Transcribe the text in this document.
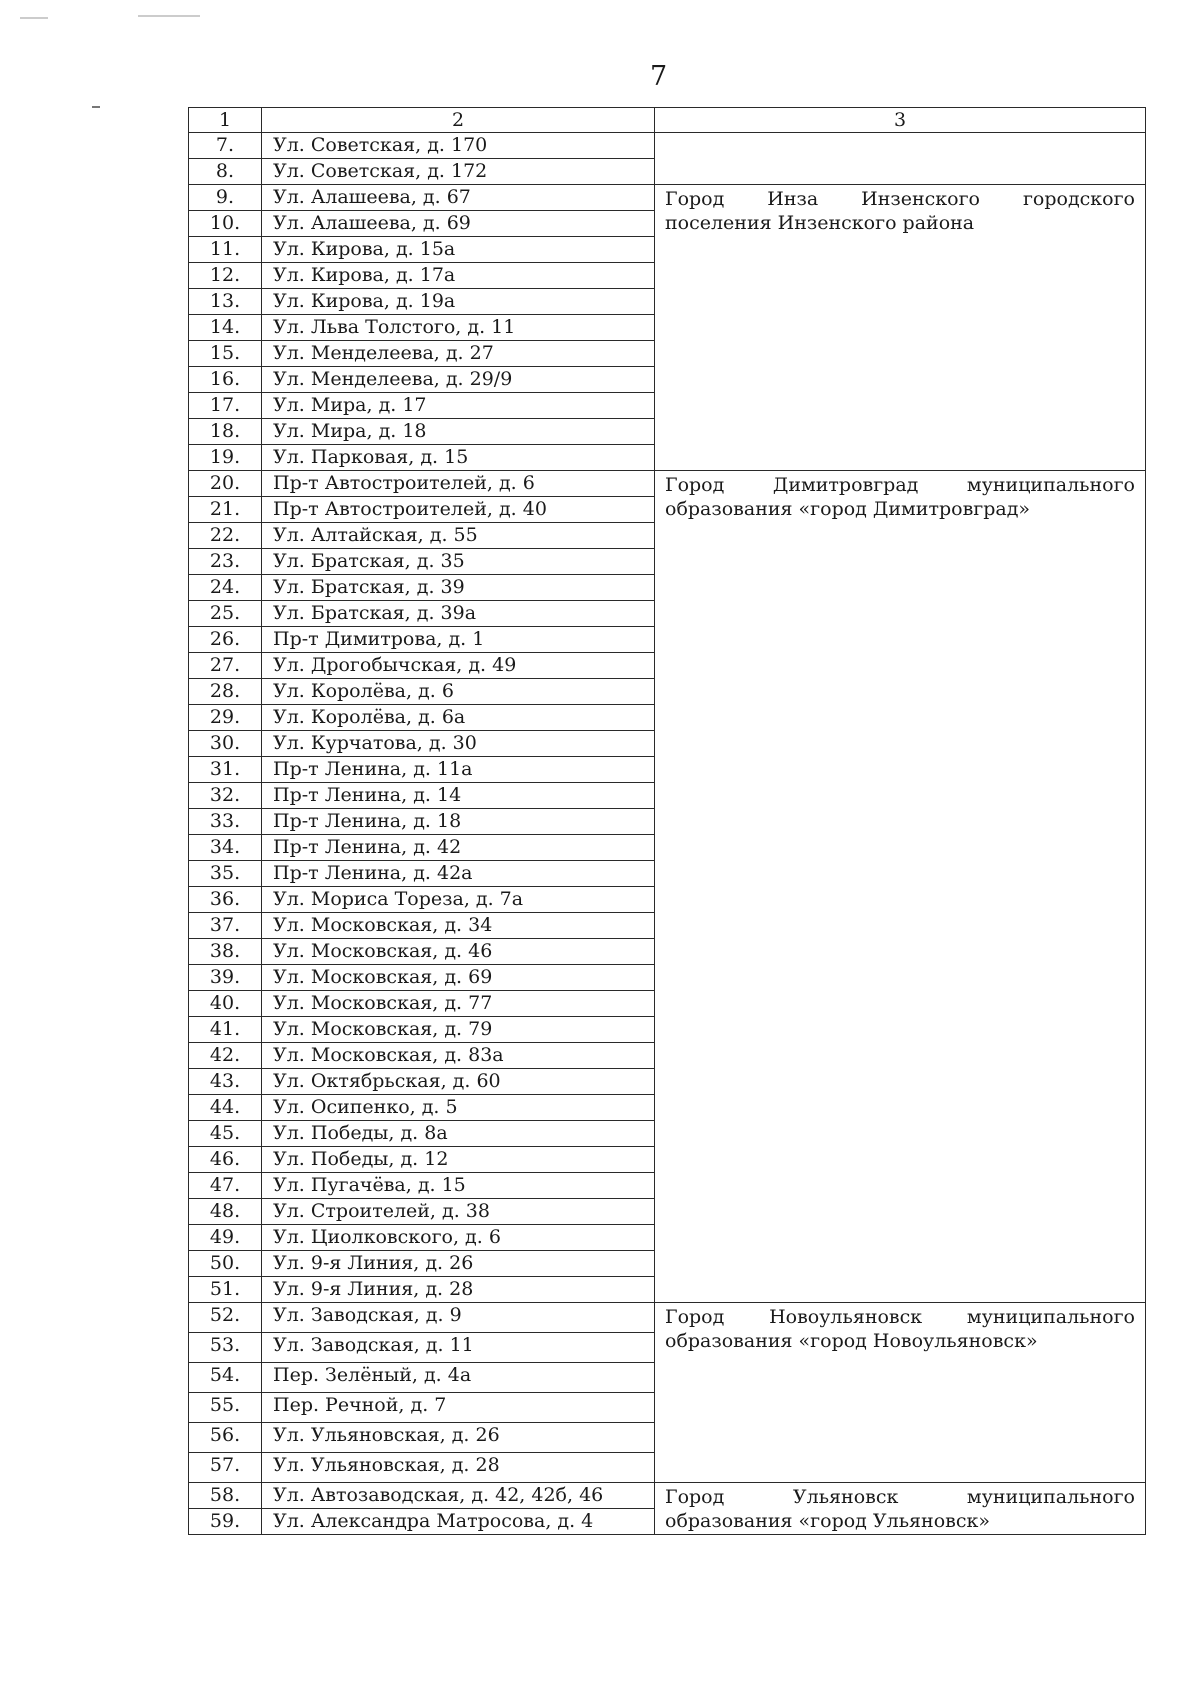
7
1	2	3
7.	Ул. Советская, д. 170	
8.	Ул. Советская, д. 172	
9.	Ул. Алашеева, д. 67	Город Инза Инзенского городского поселения Инзенского района
10.	Ул. Алашеева, д. 69	
11.	Ул. Кирова, д. 15а	
12.	Ул. Кирова, д. 17а	
13.	Ул. Кирова, д. 19а	
14.	Ул. Льва Толстого, д. 11	
15.	Ул. Менделеева, д. 27	
16.	Ул. Менделеева, д. 29/9	
17.	Ул. Мира, д. 17	
18.	Ул. Мира, д. 18	
19.	Ул. Парковая, д. 15	
20.	Пр-т Автостроителей, д. 6	Город Димитровград муниципального образования «город Димитровград»
21.	Пр-т Автостроителей, д. 40	
22.	Ул. Алтайская, д. 55	
23.	Ул. Братская, д. 35	
24.	Ул. Братская, д. 39	
25.	Ул. Братская, д. 39а	
26.	Пр-т Димитрова, д. 1	
27.	Ул. Дрогобычская, д. 49	
28.	Ул. Королёва, д. 6	
29.	Ул. Королёва, д. 6а	
30.	Ул. Курчатова, д. 30	
31.	Пр-т Ленина, д. 11а	
32.	Пр-т Ленина, д. 14	
33.	Пр-т Ленина, д. 18	
34.	Пр-т Ленина, д. 42	
35.	Пр-т Ленина, д. 42а	
36.	Ул. Мориса Тореза, д. 7а	
37.	Ул. Московская, д. 34	
38.	Ул. Московская, д. 46	
39.	Ул. Московская, д. 69	
40.	Ул. Московская, д. 77	
41.	Ул. Московская, д. 79	
42.	Ул. Московская, д. 83а	
43.	Ул. Октябрьская, д. 60	
44.	Ул. Осипенко, д. 5	
45.	Ул. Победы, д. 8а	
46.	Ул. Победы, д. 12	
47.	Ул. Пугачёва, д. 15	
48.	Ул. Строителей, д. 38	
49.	Ул. Циолковского, д. 6	
50.	Ул. 9-я Линия, д. 26	
51.	Ул. 9-я Линия, д. 28	
52.	Ул. Заводская, д. 9	Город Новоульяновск муниципального образования «город Новоульяновск»
53.	Ул. Заводская, д. 11	
54.	Пер. Зелёный, д. 4а	
55.	Пер. Речной, д. 7	
56.	Ул. Ульяновская, д. 26	
57.	Ул. Ульяновская, д. 28	
58.	Ул. Автозаводская, д. 42, 42б, 46	Город Ульяновск муниципального образования «город Ульяновск»
59.	Ул. Александра Матросова, д. 4	
